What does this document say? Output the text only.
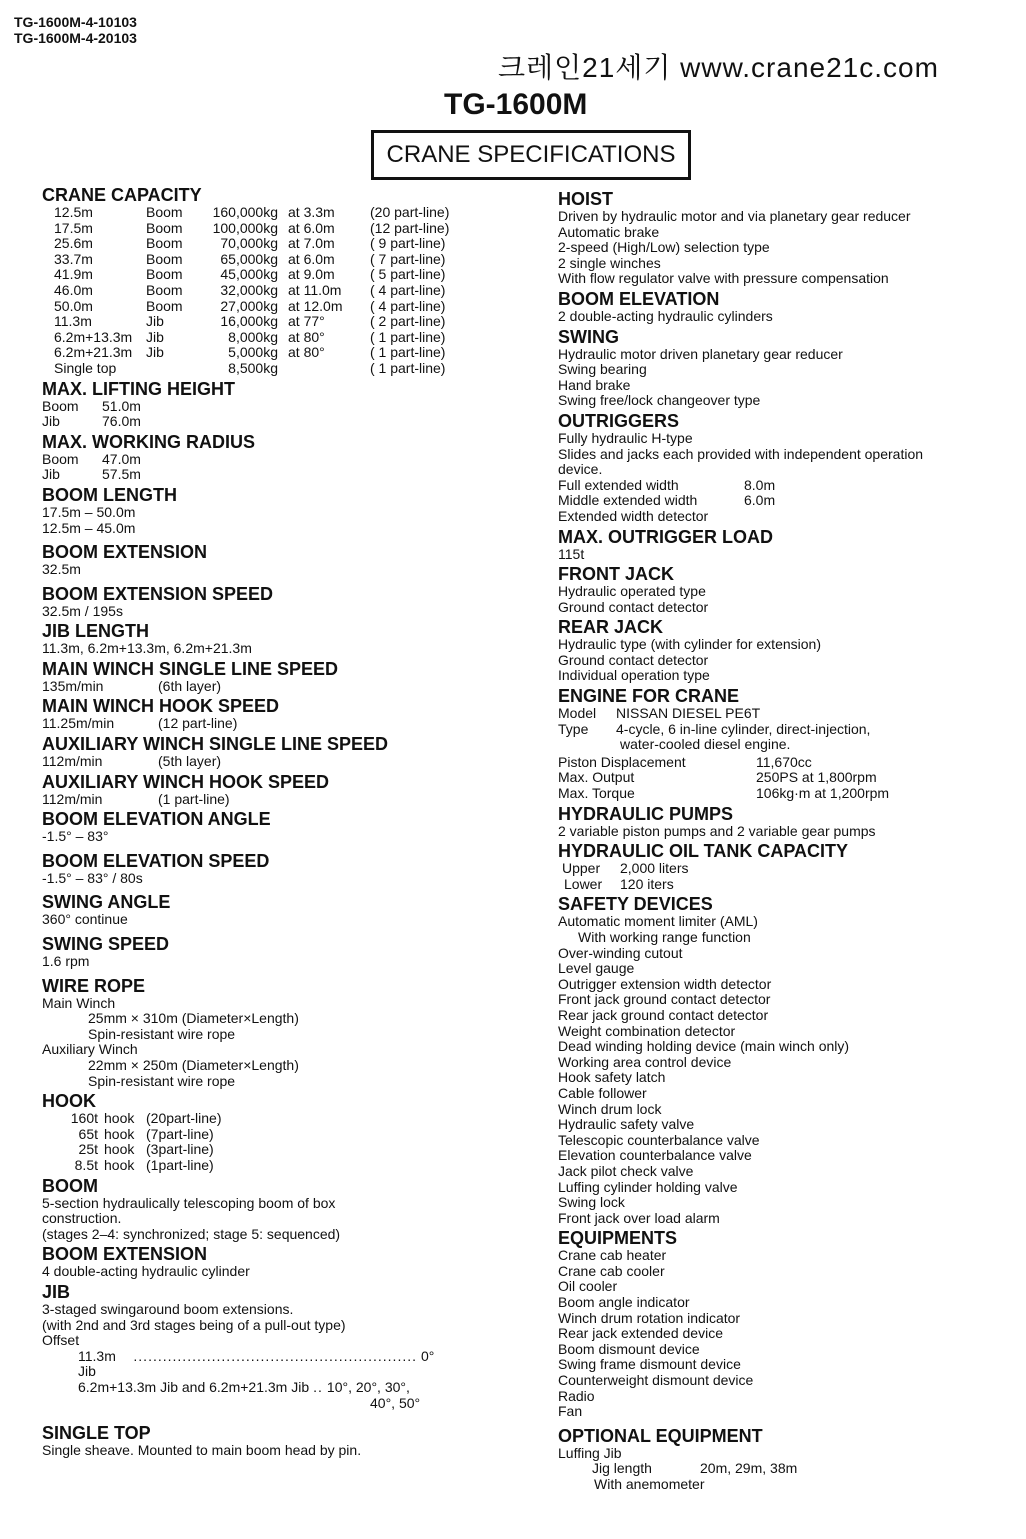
TG-1600M-4-10103
TG-1600M-4-20103
크레인21세기 www.crane21c.com
TG-1600M
CRANE SPECIFICATIONS
CRANE CAPACITY
12.5m	Boom	160,000kg at 3.3m	(20 part-line)
17.5m	Boom	100,000kg at 6.0m	(12 part-line)
25.6m	Boom	70,000kg at 7.0m	( 9 part-line)
33.7m	Boom	65,000kg at 6.0m	( 7 part-line)
41.9m	Boom	45,000kg at 9.0m	( 5 part-line)
46.0m	Boom	32,000kg at 11.0m	( 4 part-line)
50.0m	Boom	27,000kg at 12.0m	( 4 part-line)
11.3m	Jib	16,000kg at 77°	( 2 part-line)
6.2m+13.3m Jib	8,000kg at 80°	( 1 part-line)
6.2m+21.3m Jib	5,000kg at 80°	( 1 part-line)
Single top	8,500kg	( 1 part-line)
MAX. LIFTING HEIGHT
Boom	51.0m
Jib	76.0m
MAX. WORKING RADIUS
Boom	47.0m
Jib	57.5m
BOOM LENGTH
17.5m – 50.0m
12.5m – 45.0m
BOOM EXTENSION
32.5m
BOOM EXTENSION SPEED
32.5m / 195s
JIB LENGTH
11.3m, 6.2m+13.3m, 6.2m+21.3m
MAIN WINCH SINGLE LINE SPEED
135m/min	(6th layer)
MAIN WINCH HOOK SPEED
11.25m/min	(12 part-line)
AUXILIARY WINCH SINGLE LINE SPEED
112m/min	(5th layer)
AUXILIARY WINCH HOOK SPEED
112m/min	(1 part-line)
BOOM ELEVATION ANGLE
-1.5° – 83°
BOOM ELEVATION SPEED
-1.5° – 83° / 80s
SWING ANGLE
360° continue
SWING SPEED
1.6 rpm
WIRE ROPE
Main Winch
25mm × 310m (Diameter×Length)
Spin-resistant wire rope
Auxiliary Winch
22mm × 250m (Diameter×Length)
Spin-resistant wire rope
HOOK
160t hook (20part-line)
65t hook (7part-line)
25t hook (3part-line)
8.5t hook (1part-line)
BOOM
5-section hydraulically telescoping boom of box
construction.
(stages 2–4: synchronized; stage 5: sequenced)
BOOM EXTENSION
4 double-acting hydraulic cylinder
JIB
3-staged swingaround boom extensions.
(with 2nd and 3rd stages being of a pull-out type)
Offset
11.3m Jib
.......................................................... 0°
6.2m+13.3m Jib and 6.2m+21.3m Jib .. 10°, 20°, 30°,
40°, 50°
SINGLE TOP
Single sheave. Mounted to main boom head by pin.
HOIST
Driven by hydraulic motor and via planetary gear reducer
Automatic brake
2-speed (High/Low) selection type
2 single winches
With flow regulator valve with pressure compensation
BOOM ELEVATION
2 double-acting hydraulic cylinders
SWING
Hydraulic motor driven planetary gear reducer
Swing bearing
Hand brake
Swing free/lock changeover type
OUTRIGGERS
Fully hydraulic H-type
Slides and jacks each provided with independent operation
device.
Full extended width	8.0m
Middle extended width	6.0m
Extended width detector
MAX. OUTRIGGER LOAD
115t
FRONT JACK
Hydraulic operated type
Ground contact detector
REAR JACK
Hydraulic type (with cylinder for extension)
Ground contact detector
Individual operation type
ENGINE FOR CRANE
Model	NISSAN DIESEL PE6T
Type	4-cycle, 6 in-line cylinder, direct-injection,
water-cooled diesel engine.
Piston Displacement	11,670cc
Max. Output	250PS at 1,800rpm
Max. Torque	106kg·m at 1,200rpm
HYDRAULIC PUMPS
2 variable piston pumps and 2 variable gear pumps
HYDRAULIC OIL TANK CAPACITY
Upper	2,000 liters
Lower	120 iters
SAFETY DEVICES
Automatic moment limiter (AML)
With working range function
Over-winding cutout
Level gauge
Outrigger extension width detector
Front jack ground contact detector
Rear jack ground contact detector
Weight combination detector
Dead winding holding device (main winch only)
Working area control device
Hook safety latch
Cable follower
Winch drum lock
Hydraulic safety valve
Telescopic counterbalance valve
Elevation counterbalance valve
Jack pilot check valve
Luffing cylinder holding valve
Swing lock
Front jack over load alarm
EQUIPMENTS
Crane cab heater
Crane cab cooler
Oil cooler
Boom angle indicator
Winch drum rotation indicator
Rear jack extended device
Boom dismount device
Swing frame dismount device
Counterweight dismount device
Radio
Fan
OPTIONAL EQUIPMENT
Luffing Jib
Jig length	20m, 29m, 38m
With anemometer
